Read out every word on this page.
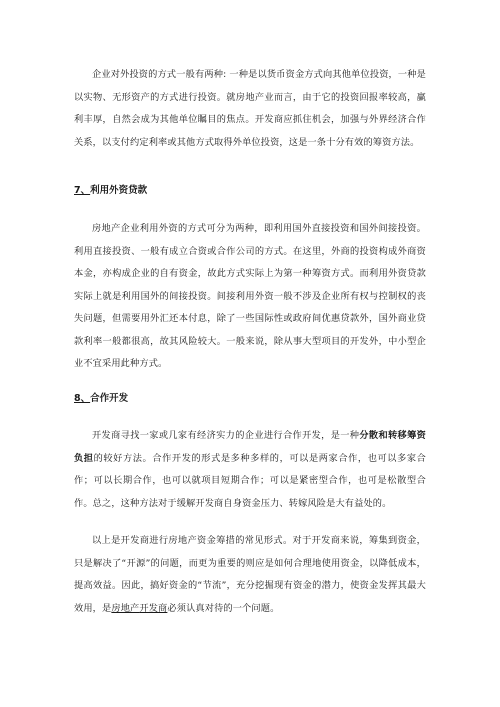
企业对外投资的方式一般有两种: 一种是以货币资金方式向其他单位投资，一种是以实物、无形资产的方式进行投资。就房地产业而言，由于它的投资回报率较高，赢利丰厚，自然会成为其他单位瞩目的焦点。开发商应抓住机会，加强与外界经济合作关系，以支付约定利率或其他方式取得外单位投资，这是一条十分有效的筹资方法。

7、利用外资贷款

房地产企业利用外资的方式可分为两种，即利用国外直接投资和国外间接投资。利用直接投资、一般有成立合资或合作公司的方式。在这里，外商的投资构成外商资本金，亦构成企业的自有资金，故此方式实际上为第一种筹资方式。而利用外资贷款实际上就是利用国外的间接投资。间接利用外资一般不涉及企业所有权与控制权的丧失问题，但需要用外汇还本付息，除了一些国际性或政府间优惠贷款外，国外商业贷款利率一般都很高，故其风险较大。一般来说，除从事大型项目的开发外，中小型企业不宜采用此种方式。

8、合作开发

开发商寻找一家或几家有经济实力的企业进行合作开发，是一种分散和转移筹资负担的较好方法。合作开发的形式是多种多样的，可以是两家合作，也可以多家合作；可以长期合作，也可以就项目短期合作；可以是紧密型合作，也可是松散型合作。总之，这种方法对于缓解开发商自身资金压力、转嫁风险是大有益处的。

以上是开发商进行房地产资金筹措的常见形式。对于开发商来说，筹集到资金，只是解决了“开源”的问题，而更为重要的则应是如何合理地使用资金，以降低成本，提高效益。因此，搞好资金的“节流”，充分挖掘现有资金的潜力，使资金发挥其最大效用，是房地产开发商必须认真对待的一个问题。
